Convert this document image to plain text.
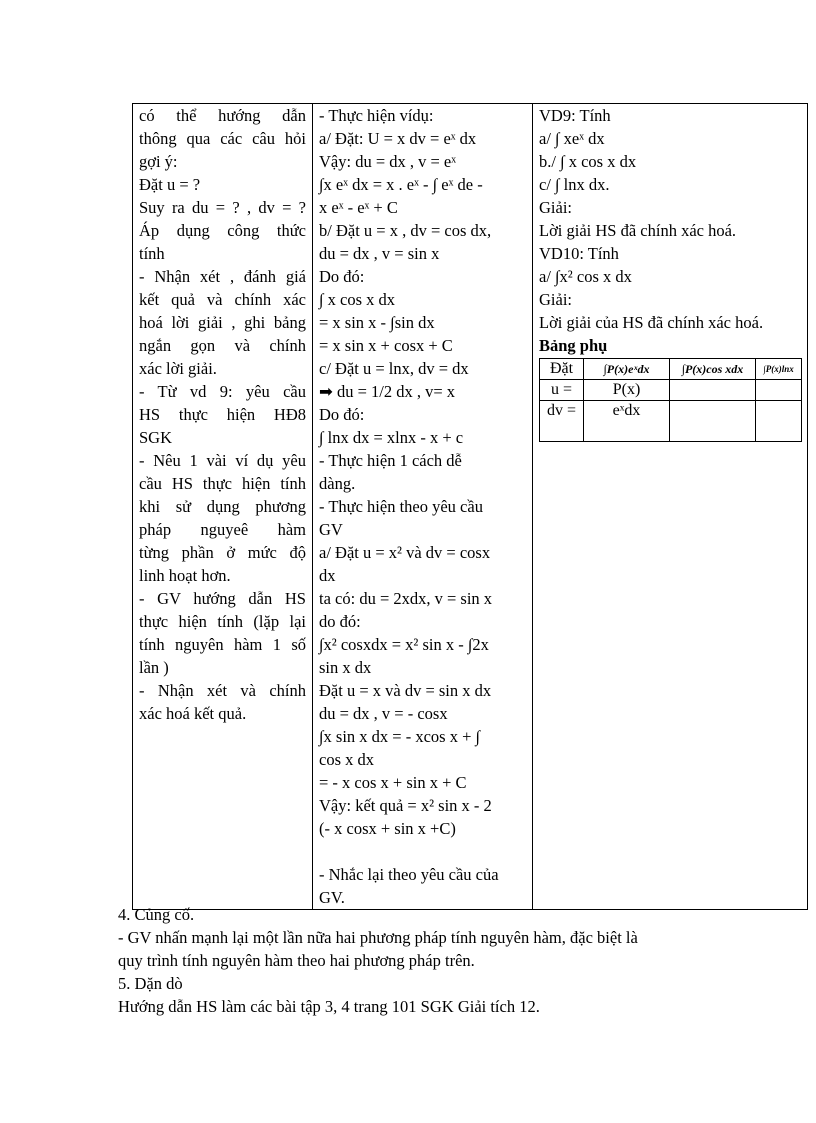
có thể hướng dẫn
thông qua các câu hỏi
gợi ý:
Đặt u = ?
Suy ra du = ? , dv = ?
Áp dụng công thức
tính
- Nhận xét , đánh giá
kết quả và chính xác
hoá lời giải , ghi bảng
ngắn gọn và chính
xác lời giải.
- Từ vd 9: yêu cầu
HS thực hiện HĐ8
SGK
- Nêu 1 vài ví dụ yêu
cầu HS thực hiện tính
khi sử dụng phương
pháp nguyeê hàm
từng phần ở mức độ
linh hoạt hơn.
- GV hướng dẫn HS
thực hiện tính (lặp lại
tính nguyên hàm 1 số
lần )
- Nhận xét và chính
xác hoá kết quả.

- Thực hiện vídụ:
a/ Đặt: U = x dv = eˣ dx
Vậy: du = dx , v = eˣ
∫x eˣ dx = x . eˣ - ∫ eˣ de -
x eˣ - eˣ + C
b/ Đặt u = x , dv = cos dx,
du = dx , v = sin x
Do đó:
∫ x cos x dx
= x sin x - ∫sin dx
= x sin x + cosx + C
c/ Đặt u = lnx, dv = dx
➡ du = 1/2 dx , v= x
Do đó:
∫ lnx dx = xlnx - x + c
- Thực hiện 1 cách dễ
dàng.
- Thực hiện theo yêu cầu
GV
a/ Đặt u = x² và dv = cosx
dx
ta có: du = 2xdx, v = sin x
do đó:
∫x² cosxdx = x² sin x - ∫2x
sin x dx
Đặt u = x và dv = sin x dx
du = dx , v = - cosx
∫x sin x dx = - xcos x + ∫
cos x dx
= - x cos x + sin x + C
Vậy: kết quả = x² sin x - 2
(- x cosx + sin x +C)
- Nhắc lại theo yêu cầu của
GV.

VD9: Tính
a/ ∫ xeˣ dx
b./ ∫ x cos x dx
c/ ∫ lnx dx.
Giải:
Lời giải HS đã chính xác hoá.
VD10: Tính
a/ ∫x² cos x dx
Giải:
Lời giải của HS đã chính xác hoá.
Bảng phụ
Đặt	∫P(x)eˣdx	∫P(x)cos xdx	∫P(x)lnx
u =	P(x)		
dv =	eˣdx		
4. Củng cố.
- GV nhấn mạnh lại một lần nữa hai phương pháp tính nguyên hàm, đặc biệt là
quy trình tính nguyên hàm theo hai phương pháp trên.
5. Dặn dò
Hướng dẫn HS làm các bài tập 3, 4 trang 101 SGK Giải tích 12.
